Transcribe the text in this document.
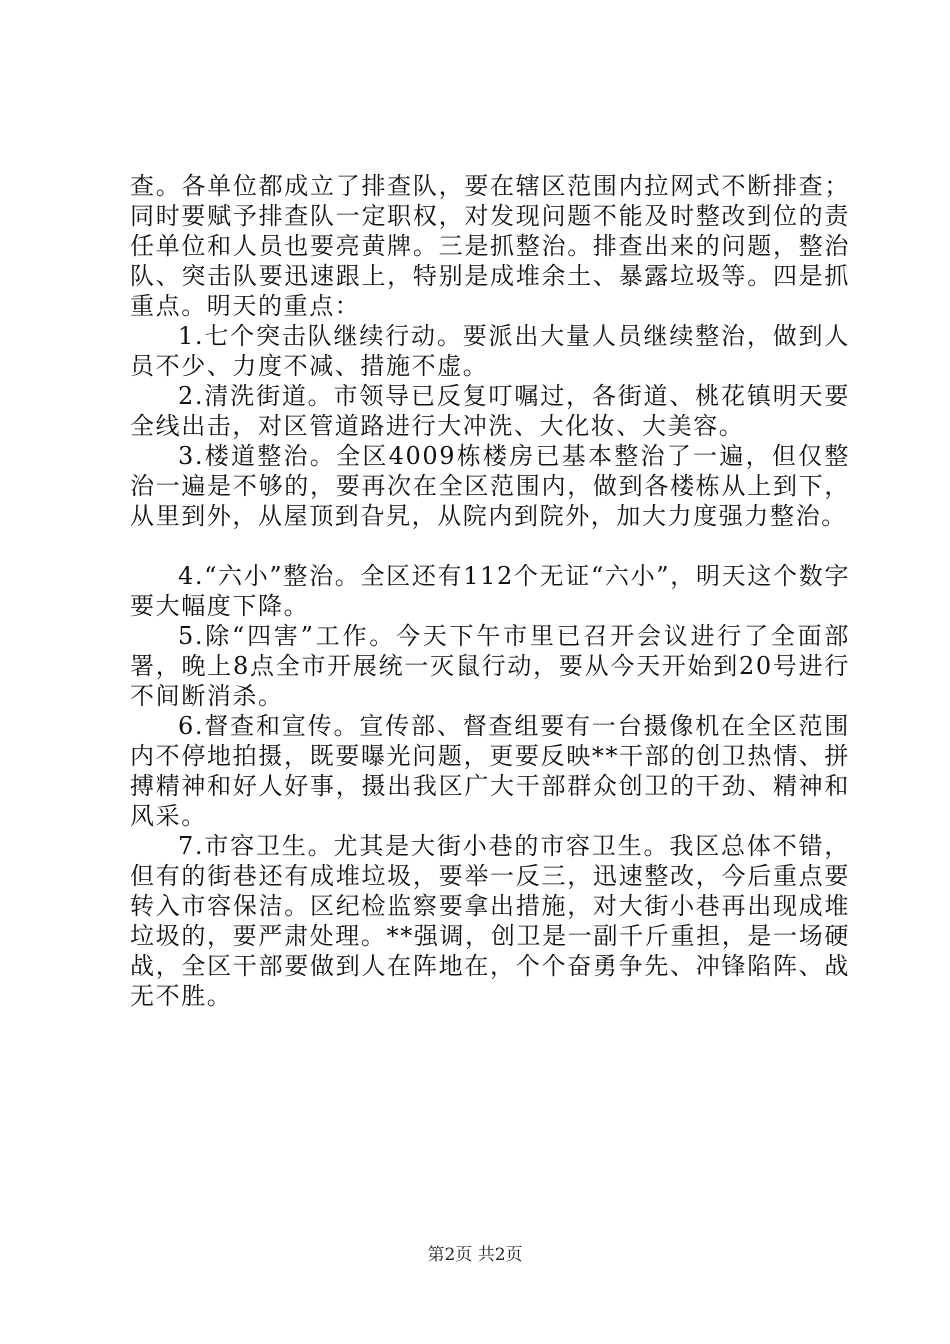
查。各单位都成立了排查队，要在辖区范围内拉网式不断排查；同时要赋予排查队一定职权，对发现问题不能及时整改到位的责任单位和人员也要亮黄牌。三是抓整治。排查出来的问题，整治队、突击队要迅速跟上，特别是成堆余土、暴露垃圾等。四是抓重点。明天的重点：

1.七个突击队继续行动。要派出大量人员继续整治，做到人员不少、力度不减、措施不虚。

2.清洗街道。市领导已反复叮嘱过，各街道、桃花镇明天要全线出击，对区管道路进行大冲洗、大化妆、大美容。

3.楼道整治。全区4009栋楼房已基本整治了一遍，但仅整治一遍是不够的，要再次在全区范围内，做到各楼栋从上到下，从里到外，从屋顶到旮旯，从院内到院外，加大力度强力整治。

4.“六小”整治。全区还有112个无证“六小”，明天这个数字要大幅度下降。

5.除“四害”工作。今天下午市里已召开会议进行了全面部署，晚上8点全市开展统一灭鼠行动，要从今天开始到20号进行不间断消杀。

6.督查和宣传。宣传部、督查组要有一台摄像机在全区范围内不停地拍摄，既要曝光问题，更要反映**干部的创卫热情、拼搏精神和好人好事，摄出我区广大干部群众创卫的干劲、精神和风采。

7.市容卫生。尤其是大街小巷的市容卫生。我区总体不错，但有的街巷还有成堆垃圾，要举一反三，迅速整改，今后重点要转入市容保洁。区纪检监察要拿出措施，对大街小巷再出现成堆垃圾的，要严肃处理。**强调，创卫是一副千斤重担，是一场硬战，全区干部要做到人在阵地在，个个奋勇争先、冲锋陷阵、战无不胜。

第2页 共2页
